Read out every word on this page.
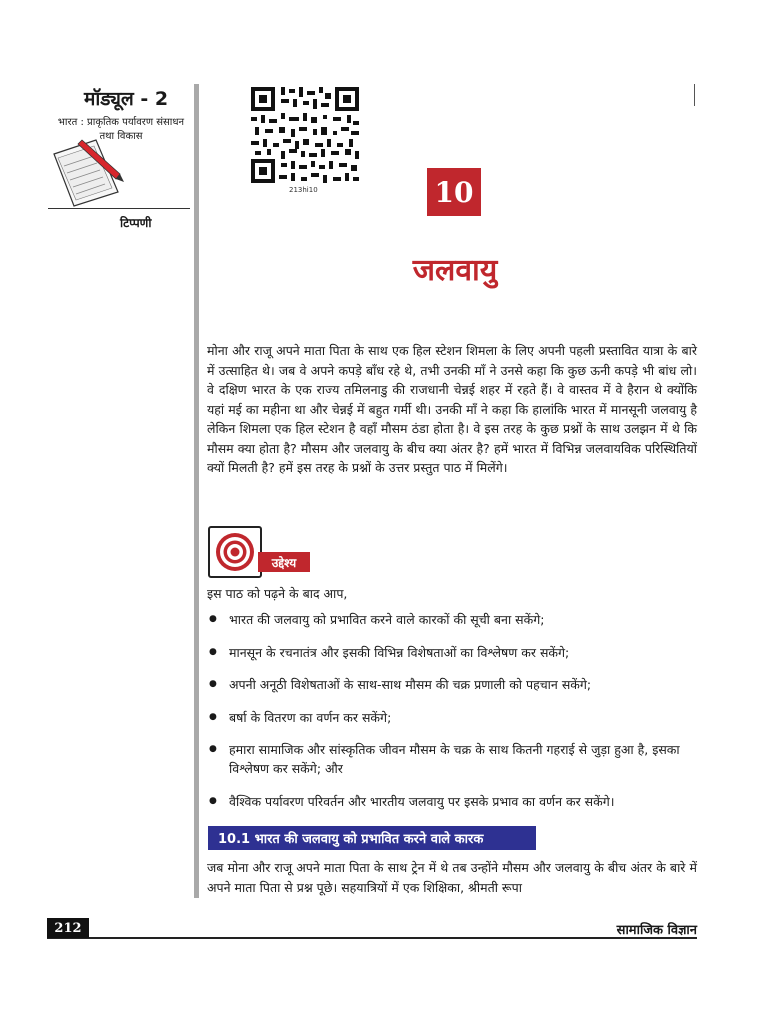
मॉड्यूल - 2
भारत : प्राकृतिक पर्यावरण संसाधन तथा विकास
टिप्पणी
213hi10	10
जलवायु
मोना और राजू अपने माता पिता के साथ एक हिल स्टेशन शिमला के लिए अपनी पहली प्रस्तावित यात्रा के बारे में उत्साहित थे। जब वे अपने कपड़े बाँध रहे थे, तभी उनकी माँ ने उनसे कहा कि कुछ ऊनी कपड़े भी बांध लो। वे दक्षिण भारत के एक राज्य तमिलनाडु की राजधानी चेन्नई शहर में रहते हैं। वे वास्तव में वे हैरान थे क्योंकि यहां मई का महीना था और चेन्नई में बहुत गर्मी थी। उनकी माँ ने कहा कि हालांकि भारत में मानसूनी जलवायु है लेकिन शिमला एक हिल स्टेशन है वहाँ मौसम ठंडा होता है। वे इस तरह के कुछ प्रश्नों के साथ उलझन में थे कि मौसम क्या होता है? मौसम और जलवायु के बीच क्या अंतर है? हमें भारत में विभिन्न जलवायविक परिस्थितियों क्यों मिलती है? हमें इस तरह के प्रश्नों के उत्तर प्रस्तुत पाठ में मिलेंगे।
उद्देश्य
इस पाठ को पढ़ने के बाद आप,
● भारत की जलवायु को प्रभावित करने वाले कारकों की सूची बना सकेंगे;
● मानसून के रचनातंत्र और इसकी विभिन्न विशेषताओं का विश्लेषण कर सकेंगे;
● अपनी अनूठी विशेषताओं के साथ-साथ मौसम की चक्र प्रणाली को पहचान सकेंगे;
● बर्षा के वितरण का वर्णन कर सकेंगे;
● हमारा सामाजिक और सांस्कृतिक जीवन मौसम के चक्र के साथ कितनी गहराई से जुड़ा हुआ है, इसका विश्लेषण कर सकेंगे; और
● वैश्विक पर्यावरण परिवर्तन और भारतीय जलवायु पर इसके प्रभाव का वर्णन कर सकेंगे।
10.1 भारत की जलवायु को प्रभावित करने वाले कारक
जब मोना और राजू अपने माता पिता के साथ ट्रेन में थे तब उन्होंने मौसम और जलवायु के बीच अंतर के बारे में अपने माता पिता से प्रश्न पूछे। सहयात्रियों में एक शिक्षिका, श्रीमती रूपा
212	सामाजिक विज्ञान
